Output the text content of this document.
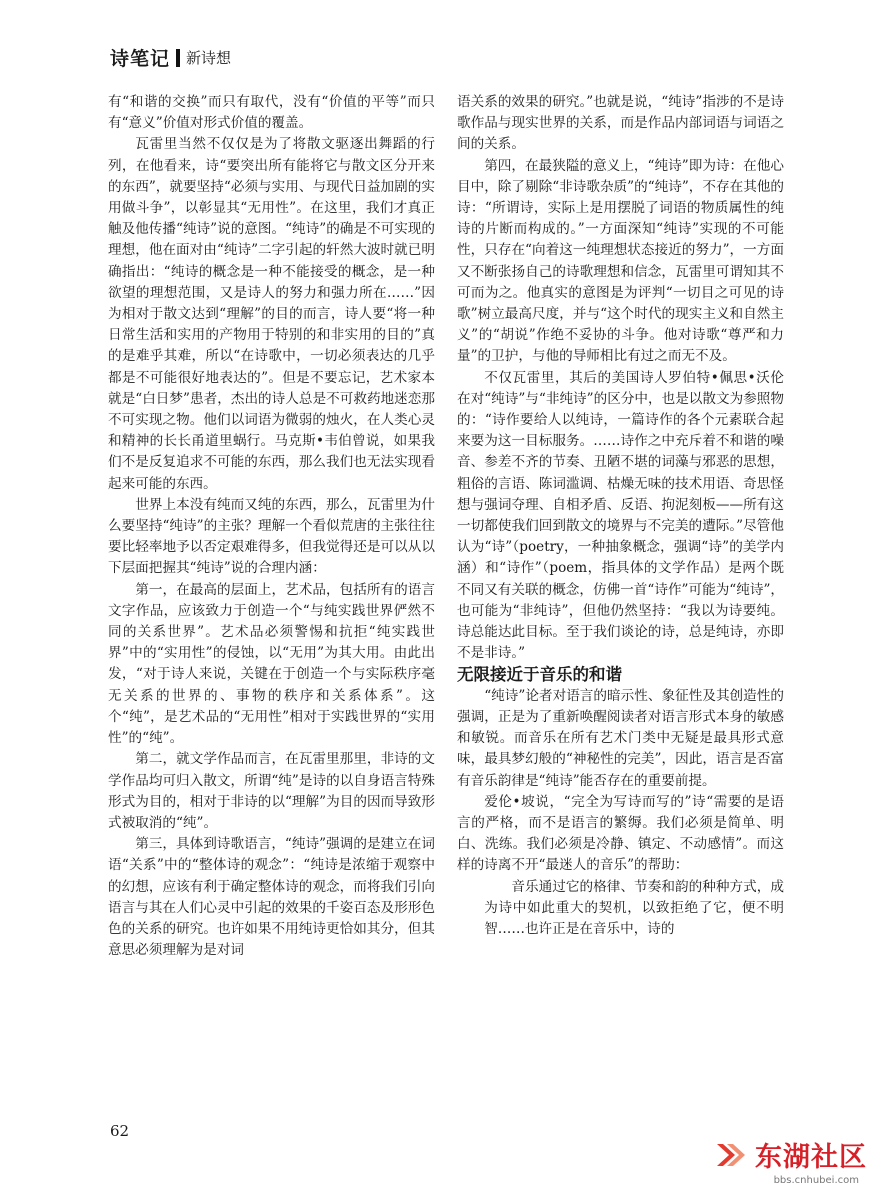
诗笔记 新诗想

有“和谐的交换”而只有取代，没有“价值的平等”而只有“意义”价值对形式价值的覆盖。

瓦雷里当然不仅仅是为了将散文驱逐出舞蹈的行列，在他看来，诗“要突出所有能将它与散文区分开来的东西”，就要坚持“必须与实用、与现代日益加剧的实用做斗争”，以彰显其“无用性”。在这里，我们才真正触及他传播“纯诗”说的意图。“纯诗”的确是不可实现的理想，他在面对由“纯诗”二字引起的轩然大波时就已明确指出：“纯诗的概念是一种不能接受的概念，是一种欲望的理想范围，又是诗人的努力和强力所在……”因为相对于散文达到“理解”的目的而言，诗人要“将一种日常生活和实用的产物用于特别的和非实用的目的”真的是难乎其难，所以“在诗歌中，一切必须表达的几乎都是不可能很好地表达的”。但是不要忘记，艺术家本就是“白日梦”患者，杰出的诗人总是不可救药地迷恋那不可实现之物。他们以词语为微弱的烛火，在人类心灵和精神的长长甬道里蜗行。马克斯•韦伯曾说，如果我们不是反复追求不可能的东西，那么我们也无法实现看起来可能的东西。

世界上本没有纯而又纯的东西，那么，瓦雷里为什么要坚持“纯诗”的主张？理解一个看似荒唐的主张往往要比轻率地予以否定艰难得多，但我觉得还是可以从以下层面把握其“纯诗”说的合理内涵：

第一，在最高的层面上，艺术品，包括所有的语言文字作品，应该致力于创造一个“与纯实践世界俨然不同的关系世界”。艺术品必须警惕和抗拒“纯实践世界”中的“实用性”的侵蚀，以“无用”为其大用。由此出发，“对于诗人来说，关键在于创造一个与实际秩序毫无关系的世界的、事物的秩序和关系体系”。这个“纯”，是艺术品的“无用性”相对于实践世界的“实用性”的“纯”。

第二，就文学作品而言，在瓦雷里那里，非诗的文学作品均可归入散文，所谓“纯”是诗的以自身语言特殊形式为目的，相对于非诗的以“理解”为目的因而导致形式被取消的“纯”。

第三，具体到诗歌语言，“纯诗”强调的是建立在词语“关系”中的“整体诗的观念”：“纯诗是浓缩于观察中的幻想，应该有利于确定整体诗的观念，而将我们引向语言与其在人们心灵中引起的效果的千姿百态及形形色色的关系的研究。也许如果不用纯诗更恰如其分，但其意思必须理解为是对词

语关系的效果的研究。”也就是说，“纯诗”指涉的不是诗歌作品与现实世界的关系，而是作品内部词语与词语之间的关系。

第四，在最狭隘的意义上，“纯诗”即为诗：在他心目中，除了剔除“非诗歌杂质”的“纯诗”，不存在其他的诗：“所谓诗，实际上是用摆脱了词语的物质属性的纯诗的片断而构成的。”一方面深知“纯诗”实现的不可能性，只存在“向着这一纯理想状态接近的努力”，一方面又不断张扬自己的诗歌理想和信念，瓦雷里可谓知其不可而为之。他真实的意图是为评判“一切目之可见的诗歌”树立最高尺度，并与“这个时代的现实主义和自然主义”的“胡说”作绝不妥协的斗争。他对诗歌“尊严和力量”的卫护，与他的导师相比有过之而无不及。

不仅瓦雷里，其后的美国诗人罗伯特•佩思•沃伦在对“纯诗”与“非纯诗”的区分中，也是以散文为参照物的：“诗作要给人以纯诗，一篇诗作的各个元素联合起来要为这一目标服务。……诗作之中充斥着不和谐的噪音、参差不齐的节奏、丑陋不堪的词藻与邪恶的思想，粗俗的言语、陈词滥调、枯燥无味的技术用语、奇思怪想与强词夺理、自相矛盾、反语、拘泥刻板——所有这一切都使我们回到散文的境界与不完美的遭际。”尽管他认为“诗”（poetry，一种抽象概念，强调“诗”的美学内涵）和“诗作”（poem，指具体的文学作品）是两个既不同又有关联的概念，仿佛一首“诗作”可能为“纯诗”，也可能为“非纯诗”，但他仍然坚持：“我以为诗要纯。诗总能达此目标。至于我们谈论的诗，总是纯诗，亦即不是非诗。”

无限接近于音乐的和谐

“纯诗”论者对语言的暗示性、象征性及其创造性的强调，正是为了重新唤醒阅读者对语言形式本身的敏感和敏锐。而音乐在所有艺术门类中无疑是最具形式意味，最具梦幻般的“神秘性的完美”，因此，语言是否富有音乐韵律是“纯诗”能否存在的重要前提。

爱伦•坡说，“完全为写诗而写的”诗“需要的是语言的严格，而不是语言的繁缛。我们必须是简单、明白、洗练。我们必须是冷静、镇定、不动感情”。而这样的诗离不开“最迷人的音乐”的帮助：

音乐通过它的格律、节奏和韵的种种方式，成为诗中如此重大的契机，以致拒绝了它，便不明智……也许正是在音乐中，诗的

62
东湖社区
bbs.cnhubei.com
